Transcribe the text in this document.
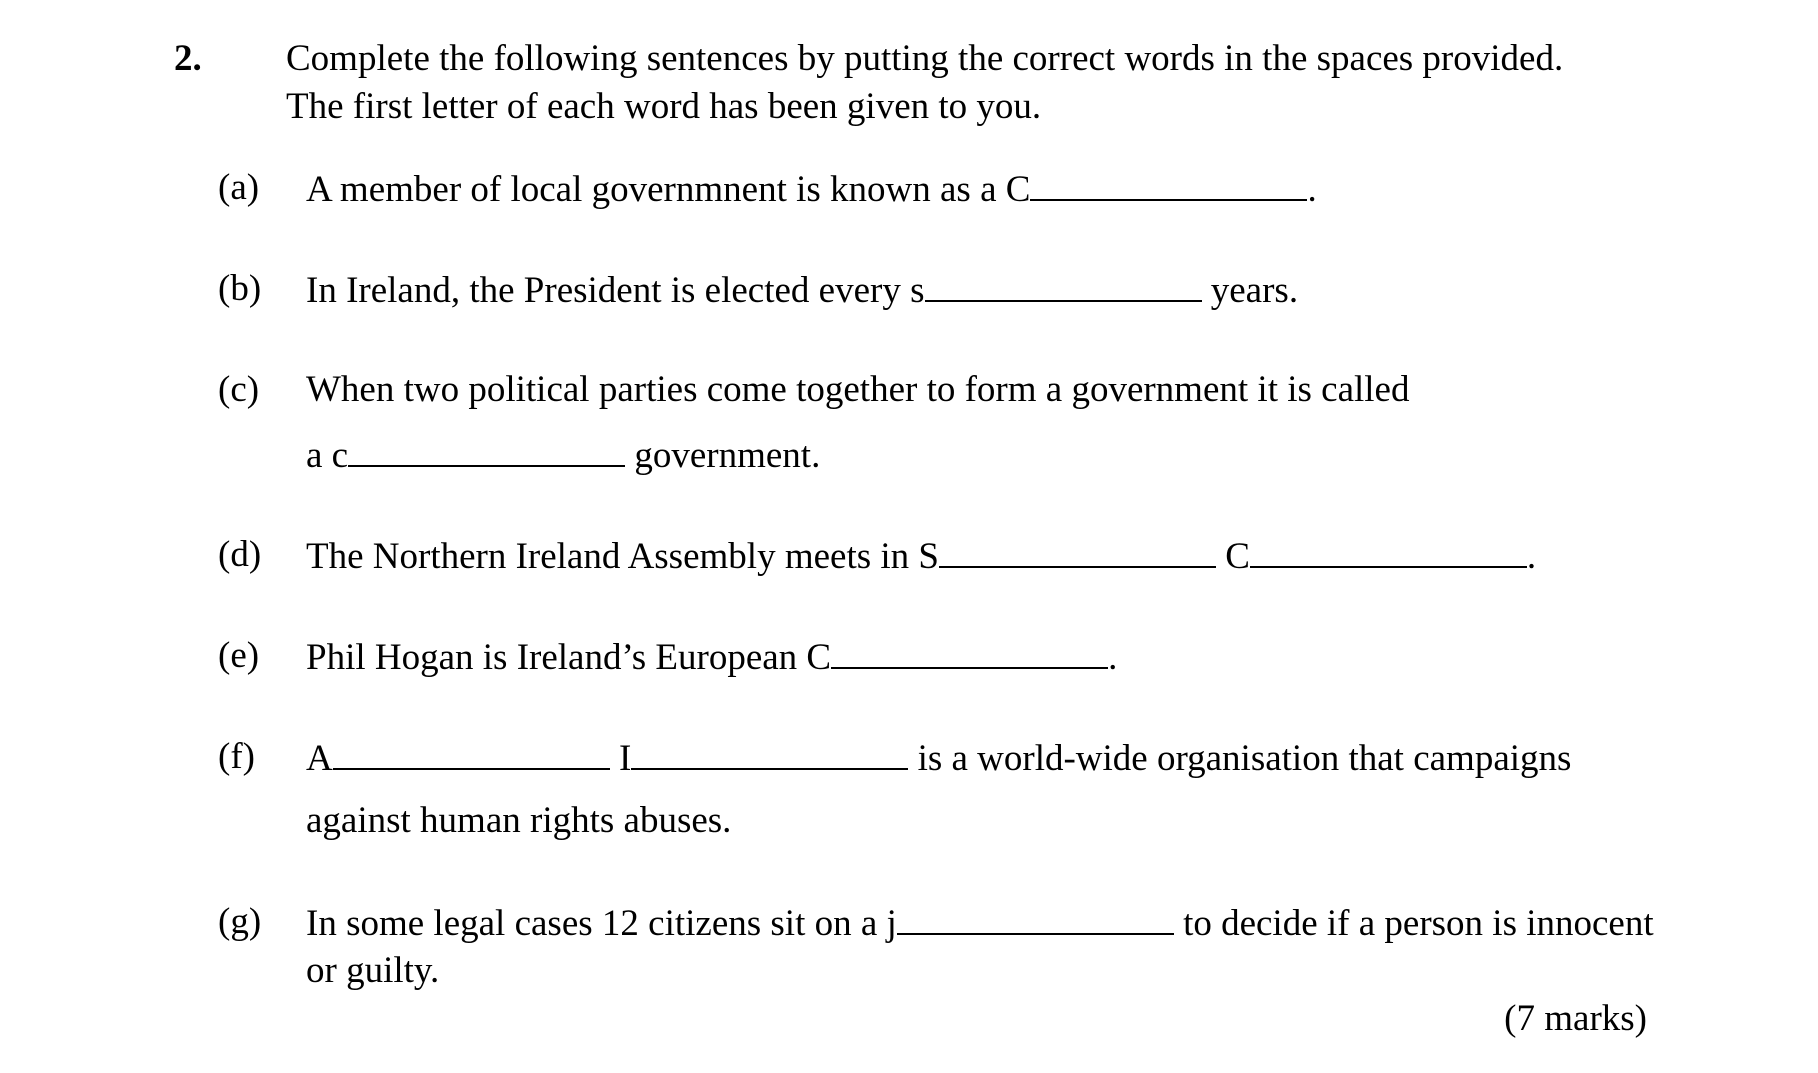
2. Complete the following sentences by putting the correct words in the spaces provided.
The first letter of each word has been given to you.
(a) A member of local governmnent is known as a C	.
(b) In Ireland, the President is elected every s	years.
(c) When two political parties come together to form a government it is called
a c	government.
(d) The Northern Ireland Assembly meets in S	C	.
(e) Phil Hogan is Ireland’s European C	.
(f) A	I	is a world-wide organisation that campaigns
against human rights abuses.
(g) In some legal cases 12 citizens sit on a j	to decide if a person is innocent
or guilty.
(7 marks)
